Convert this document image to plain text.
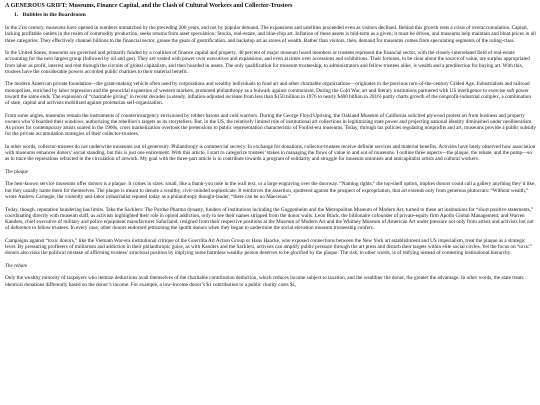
A GENEROUS GRIFT: Museums, Finance Capital, and the Clash of Cultural Workers and Collector-Trustees
1. Bubbles in the Boardroom

In the 21st century, museums have opened in numbers unmatched by the preceding 200 years, and not by popular demand. The expansions and satellites proceeded even as visitors declined. Behind this growth rests a crisis of overaccumulation. Capital, lacking profitable outlets in the realm of commodity production, seeks returns from asset speculation: Stocks, real-estate, and blue-chip art. Inflation of these assets is mid-term as a given; it must be driven, and museums help maintain and bloat prices in all three categories. They effectively channel billions to the financial sector, grease the gears of gentrification, and backstop art as stores of wealth. Rather than visitors, then, demand for museums comes from speculating segments of the ruling-class.

In the United States, museums are governed and primarily funded by a coalition of finance capital and property. 40 percent of major museum board members or trustees represent the financial sector, with the closely-interrelated field of real-estate accounting for the next largest group (followed by oil and gas). They are vested with power over executives and expansions, and even at times over accessions and exhibitions. Their fortunes, to be clear about the source of value, are surplus appropriated from labor as profit, interest and rent through the circuits of global capitalism, and then hoarded in assets. The only qualification for museum trusteeship, to administrators and fellow trustees alike, is wealth and a predilection for buying art. With this, trustees have the considerable powers accorded public charities to their material benefit.

The modern American private foundation—the grant-making vehicle often used by corporations and wealthy individuals to fund art and other charitable organizations—originates in the previous turn-of-the-century Gilded Age. Industrialists and railroad monopolists, enriched by labor repression and the genocidal expansion of western markets, promoted philanthropy as a bulwark against communism. During the Cold War, art and literary institutions partnered with US intelligence to exercise soft power toward the same ends. The explosion of “charitable giving” in recent decades (a steady, inflation-adjusted increase from less than $150 billion in 1976 to nearly $400 billion in 2016) partly charts growth of the nonprofit-industrial complex, a combination of state, capital and activists mobilized against proletarian self-organization.

From some angles, museums remain the instruments of counterinsurgency envisioned by robber barons and cold warriors. During the George Floyd Uprising, the Oakland Museum of California solicited plywood protest art from business and property owners who’d boarded their windows, authorizing the rebellion’s targets as its storytellers. But, in the US, the relatively limited role of institutional art collections in legitimizing state power and projecting national identity diminished under neoliberalism. As prices for contemporary artists soared in the 1960s, cross marketization overtook the pretensions to public representation characteristic of Fordist-era museums. Today, through tax policies regulating nonprofits and art, museums provide a public subsidy for the private accumulation strategies of their collector-trustees.

In other words, collector-trustees do not underwrite museums out of generosity. Philanthropy is commercial secrecy. In exchange for donations, collector-trustees receive definite services and material benefits. Activists have lately observed how association with museums enhances donors’ social standing, but this is just one enticement. With this article, I start to categorize trustees’ stakes in managing the flows of value in and out of museums. I outline three aspects—the plaque, the rebate, and the pump—so as to trace the repressions refracted in the circulation of artwork. My goal with the three-part article is to contribute towards a program of solidarity and struggle for museum unionists and anticapitalist artists and cultural workers.

The plaque

The best-known service museums offer donors is a plaque. It comes in sizes: small, like a thank-you note in the wall text, or a large engraving over the doorway. “Naming rights,” the top-shelf option, implies donors could call a gallery anything they’d like, but they usually name them for themselves. The plaque is meant to denote a wealthy, civic-minded sophisticate. It reinforces the assertion, sputtered against the prospect of expropriation, that art extends only from generous plutocrats: “Without wealth,” wrote Andrew Carnegie, the violently anti-labor industrialist reputed today as a philanthropy thought-leader, “there can be no Maecenas.”

Today, though, reputation laundering has limits. Take the Sacklers: The Purdue Pharma dynasty, funders of institutions including the Guggenheim and the Metropolitan Museum of Modern Art, turned to these art institutions for “short positive statements,” coordinating directly with museum staff, as activists highlighted their role in opioid addiction, only to see their names stripped from the donor walls. Leon Black, the billionaire cofounder of private-equity firm Apollo Global Management; and Warren Kanders, chief executive of military and police equipment manufacturer Safariland; resigned from their respective positions at the Museum of Modern Art and the Whitney Museum of American Art under pressure not only from artists and activists but out of deference to fellow trustees. In every case, other donors endorsed jettisoning the spotlit donors when they began to undermine the social elevation museum trusteeship confers.

Campaigns against “toxic donors,” like the Vietnam War-era institutional critique of the Guerrilla Art Action Group or Hans Haacke, who exposed connections between the New York art establishment and US imperialism, treat the plaque as a strategic lever. By pressuring profiteers of militarism and addiction in their philanthropic guise, as with Kanders and the Sacklers, activists can amplify public pressure through the art press and disturb their targets within elite social circles. Yet the focus on “toxic” donors also risks the political mistake of affirming trustees’ structural position by implying some harmless wealthy person deserves to be glorified by the plaque. The risk, in other words, is of reifying instead of contesting institutional hierarchy.

The rebate

Only the wealthy minority of taxpayers who itemize deductions avail themselves of the charitable contribution deduction, which reduces income subject to taxation, and the wealthier the donor, the greater the advantage. In other words, the state treats identical donations differently based on the donor’s income. For example, a low-income donor’s $1 contribution to a public charity costs $1,
